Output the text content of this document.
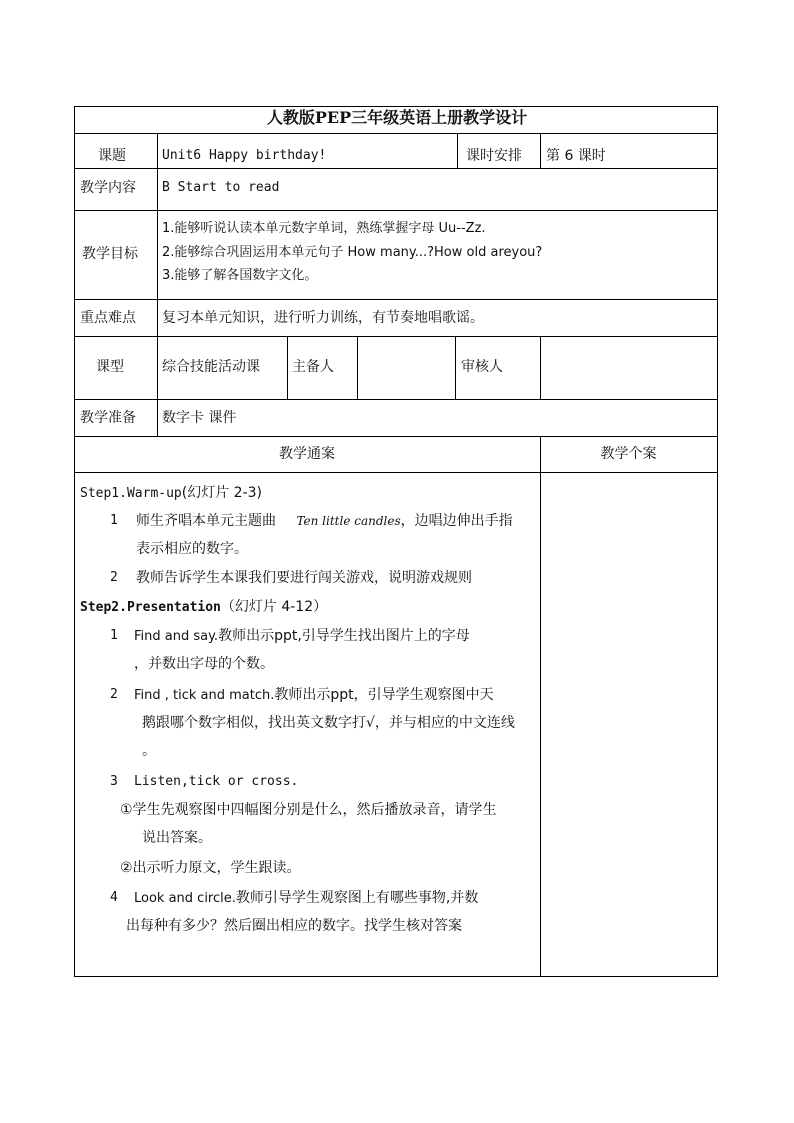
人教版PEP三年级英语上册教学设计
课题	Unit6 Happy birthday!	课时安排 第 6 课时
教学内容 B Start to read
教学目标
1.能够听说认读本单元数字单词，熟练掌握字母 Uu--Zz.
2.能够综合巩固运用本单元句子 How many...?How old areyou?
3.能够了解各国数字文化。
重点难点 复习本单元知识，进行听力训练，有节奏地唱歌谣。
课型	综合技能活动课 主备人	审核人
教学准备 数字卡 课件
教学通案	教学个案
Step1.Warm-up(幻灯片 2-3)
1 师生齐唱本单元主题曲 Ten little candles，边唱边伸出手指
表示相应的数字。
2 教师告诉学生本课我们要进行闯关游戏，说明游戏规则
Step2.Presentation（幻灯片 4-12）
1 Find and say.教师出示ppt,引导学生找出图片上的字母
，并数出字母的个数。
2 Find , tick and match.教师出示ppt，引导学生观察图中天
鹅跟哪个数字相似，找出英文数字打√，并与相应的中文连线
。
3 Listen,tick or cross.
①学生先观察图中四幅图分别是什么，然后播放录音，请学生
说出答案。
②出示听力原文，学生跟读。
4 Look and circle.教师引导学生观察图上有哪些事物,并数
出每种有多少？然后圈出相应的数字。找学生核对答案
